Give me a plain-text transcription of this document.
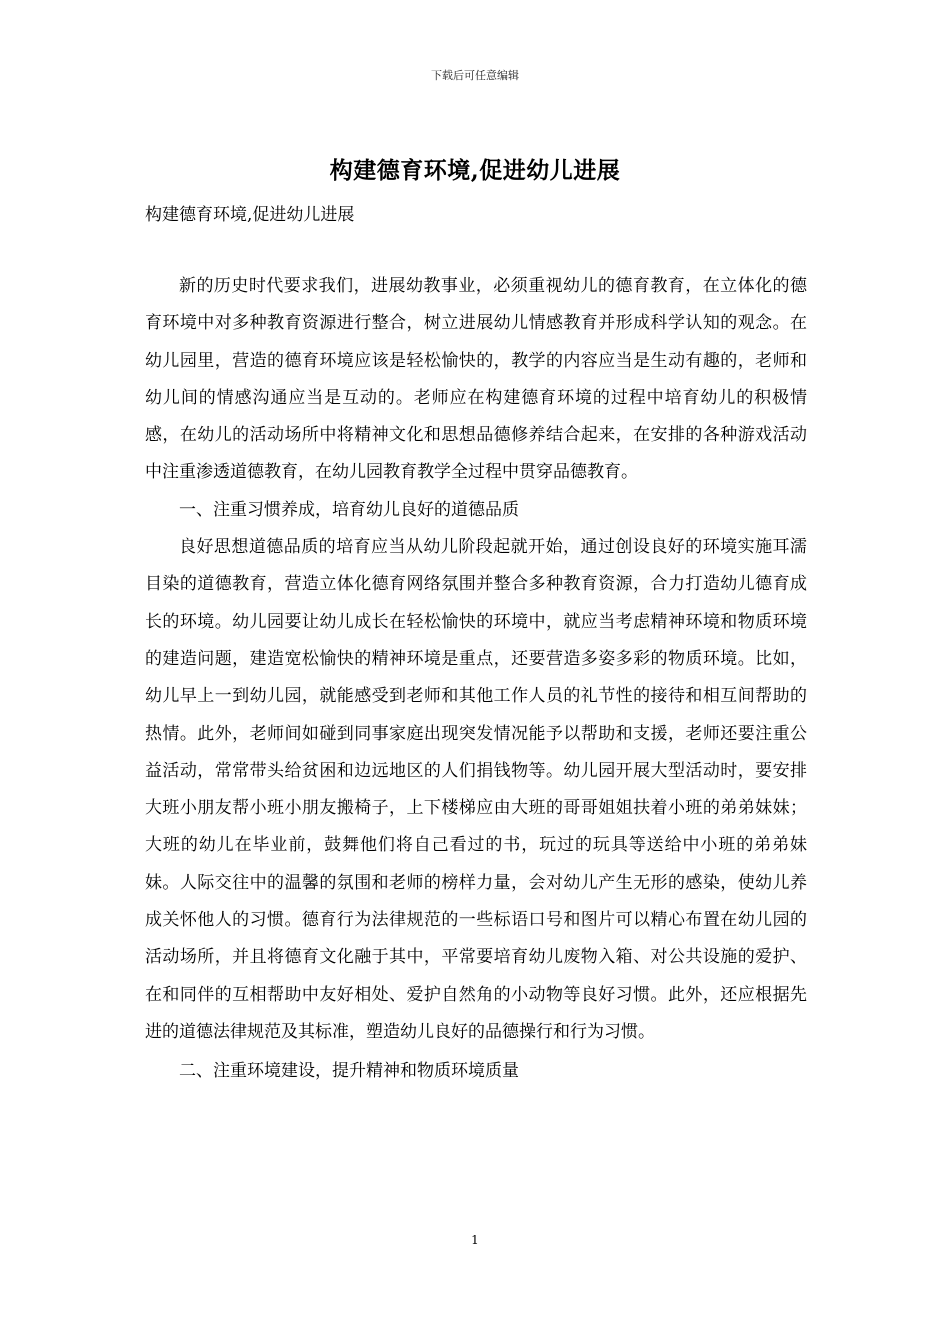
下载后可任意编辑
构建德育环境,促进幼儿进展
构建德育环境,促进幼儿进展

新的历史时代要求我们，进展幼教事业，必须重视幼儿的德育教育，在立体化的德育环境中对多种教育资源进行整合，树立进展幼儿情感教育并形成科学认知的观念。在幼儿园里，营造的德育环境应该是轻松愉快的，教学的内容应当是生动有趣的，老师和幼儿间的情感沟通应当是互动的。老师应在构建德育环境的过程中培育幼儿的积极情感，在幼儿的活动场所中将精神文化和思想品德修养结合起来，在安排的各种游戏活动中注重渗透道德教育，在幼儿园教育教学全过程中贯穿品德教育。

一、注重习惯养成，培育幼儿良好的道德品质

良好思想道德品质的培育应当从幼儿阶段起就开始，通过创设良好的环境实施耳濡目染的道德教育，营造立体化德育网络氛围并整合多种教育资源，合力打造幼儿德育成长的环境。幼儿园要让幼儿成长在轻松愉快的环境中，就应当考虑精神环境和物质环境的建造问题，建造宽松愉快的精神环境是重点，还要营造多姿多彩的物质环境。比如，幼儿早上一到幼儿园，就能感受到老师和其他工作人员的礼节性的接待和相互间帮助的热情。此外，老师间如碰到同事家庭出现突发情况能予以帮助和支援，老师还要注重公益活动，常常带头给贫困和边远地区的人们捐钱物等。幼儿园开展大型活动时，要安排大班小朋友帮小班小朋友搬椅子，上下楼梯应由大班的哥哥姐姐扶着小班的弟弟妹妹；大班的幼儿在毕业前，鼓舞他们将自己看过的书，玩过的玩具等送给中小班的弟弟妹妹。人际交往中的温馨的氛围和老师的榜样力量，会对幼儿产生无形的感染，使幼儿养成关怀他人的习惯。德育行为法律规范的一些标语口号和图片可以精心布置在幼儿园的活动场所，并且将德育文化融于其中，平常要培育幼儿废物入箱、对公共设施的爱护、在和同伴的互相帮助中友好相处、爱护自然角的小动物等良好习惯。此外，还应根据先进的道德法律规范及其标准，塑造幼儿良好的品德操行和行为习惯。

二、注重环境建设，提升精神和物质环境质量

1
